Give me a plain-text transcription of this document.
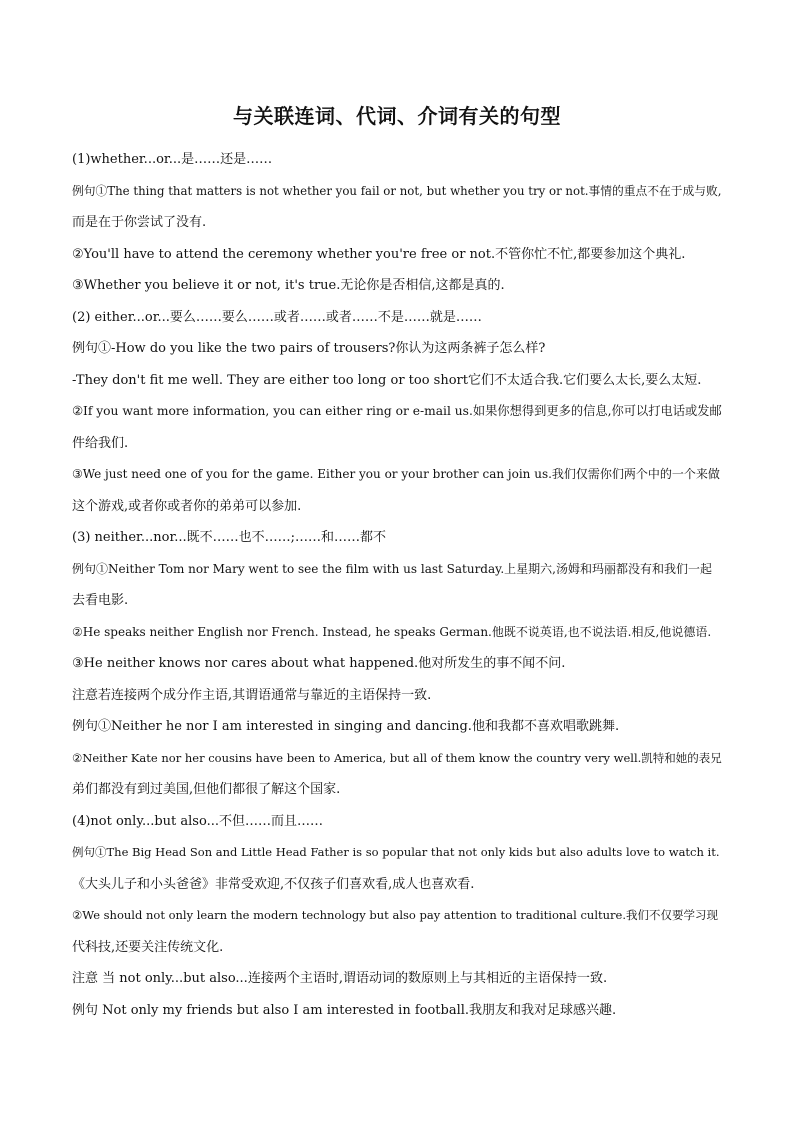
与关联连词、代词、介词有关的句型
(1)whether...or...是……还是……
例句①The thing that matters is not whether you fail or not, but whether you try or not.事情的重点不在于成与败,
而是在于你尝试了没有.
②You'll have to attend the ceremony whether you're free or not.不管你忙不忙,都要参加这个典礼.
③Whether you believe it or not, it's true.无论你是否相信,这都是真的.
(2) either...or...要么……要么……或者……或者……不是……就是……
例句①-How do you like the two pairs of trousers?你认为这两条裤子怎么样?
-They don't fit me well. They are either too long or too short它们不太适合我.它们要么太长,要么太短.
②If you want more information, you can either ring or e-mail us.如果你想得到更多的信息,你可以打电话或发邮
件给我们.
③We just need one of you for the game. Either you or your brother can join us.我们仅需你们两个中的一个来做
这个游戏,或者你或者你的弟弟可以参加.
(3) neither...nor...既不……也不……;……和……都不
例句①Neither Tom nor Mary went to see the film with us last Saturday.上星期六,汤姆和玛丽都没有和我们一起
去看电影.
②He speaks neither English nor French. Instead, he speaks German.他既不说英语,也不说法语.相反,他说德语.
③He neither knows nor cares about what happened.他对所发生的事不闻不问.
注意若连接两个成分作主语,其谓语通常与靠近的主语保持一致.
例句①Neither he nor I am interested in singing and dancing.他和我都不喜欢唱歌跳舞.
②Neither Kate nor her cousins have been to America, but all of them know the country very well.凯特和她的表兄
弟们都没有到过美国,但他们都很了解这个国家.
(4)not only...but also...不但……而且……
例句①The Big Head Son and Little Head Father is so popular that not only kids but also adults love to watch it.
《大头儿子和小头爸爸》非常受欢迎,不仅孩子们喜欢看,成人也喜欢看.
②We should not only learn the modern technology but also pay attention to traditional culture.我们不仅要学习现
代科技,还要关注传统文化.
注意 当 not only...but also...连接两个主语时,谓语动词的数原则上与其相近的主语保持一致.
例句 Not only my friends but also I am interested in football.我朋友和我对足球感兴趣.
